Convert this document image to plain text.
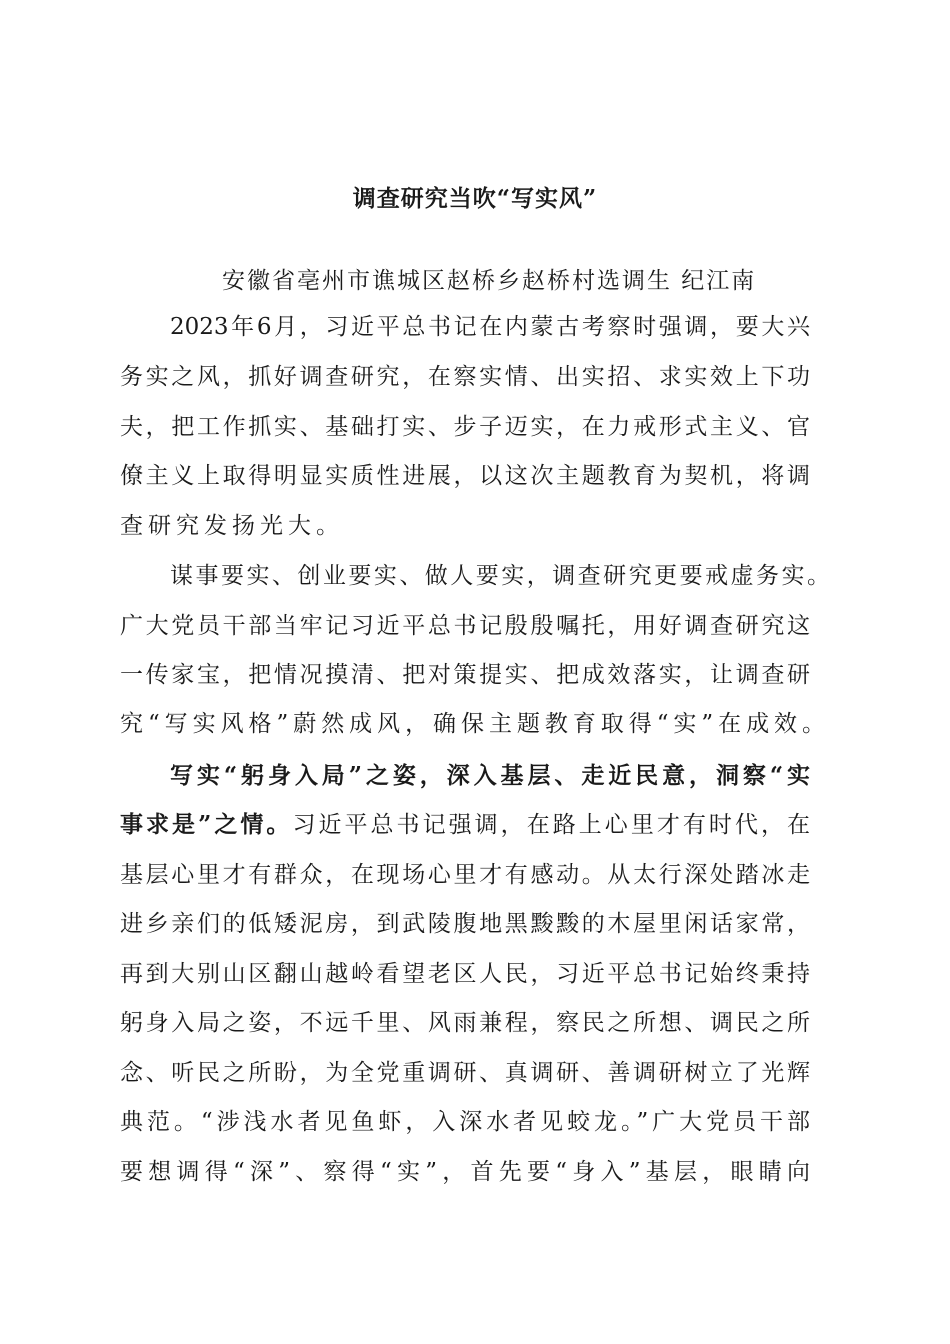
调查研究当吹“写实风”
安徽省亳州市谯城区赵桥乡赵桥村选调生 纪江南
2023年6月，习近平总书记在内蒙古考察时强调，要大兴
务实之风，抓好调查研究，在察实情、出实招、求实效上下功
夫，把工作抓实、基础打实、步子迈实，在力戒形式主义、官
僚主义上取得明显实质性进展，以这次主题教育为契机，将调
查研究发扬光大。
谋事要实、创业要实、做人要实，调查研究更要戒虚务实。
广大党员干部当牢记习近平总书记殷殷嘱托，用好调查研究这
一传家宝，把情况摸清、把对策提实、把成效落实，让调查研
究“写实风格”蔚然成风，确保主题教育取得“实”在成效。
写实“躬身入局”之姿，深入基层、走近民意，洞察“实
事求是”之情。习近平总书记强调，在路上心里才有时代，在
基层心里才有群众，在现场心里才有感动。从太行深处踏冰走
进乡亲们的低矮泥房，到武陵腹地黑黢黢的木屋里闲话家常，
再到大别山区翻山越岭看望老区人民，习近平总书记始终秉持
躬身入局之姿，不远千里、风雨兼程，察民之所想、调民之所
念、听民之所盼，为全党重调研、真调研、善调研树立了光辉
典范。“涉浅水者见鱼虾，入深水者见蛟龙。”广大党员干部
要想调得“深”、察得“实”，首先要“身入”基层，眼睛向
